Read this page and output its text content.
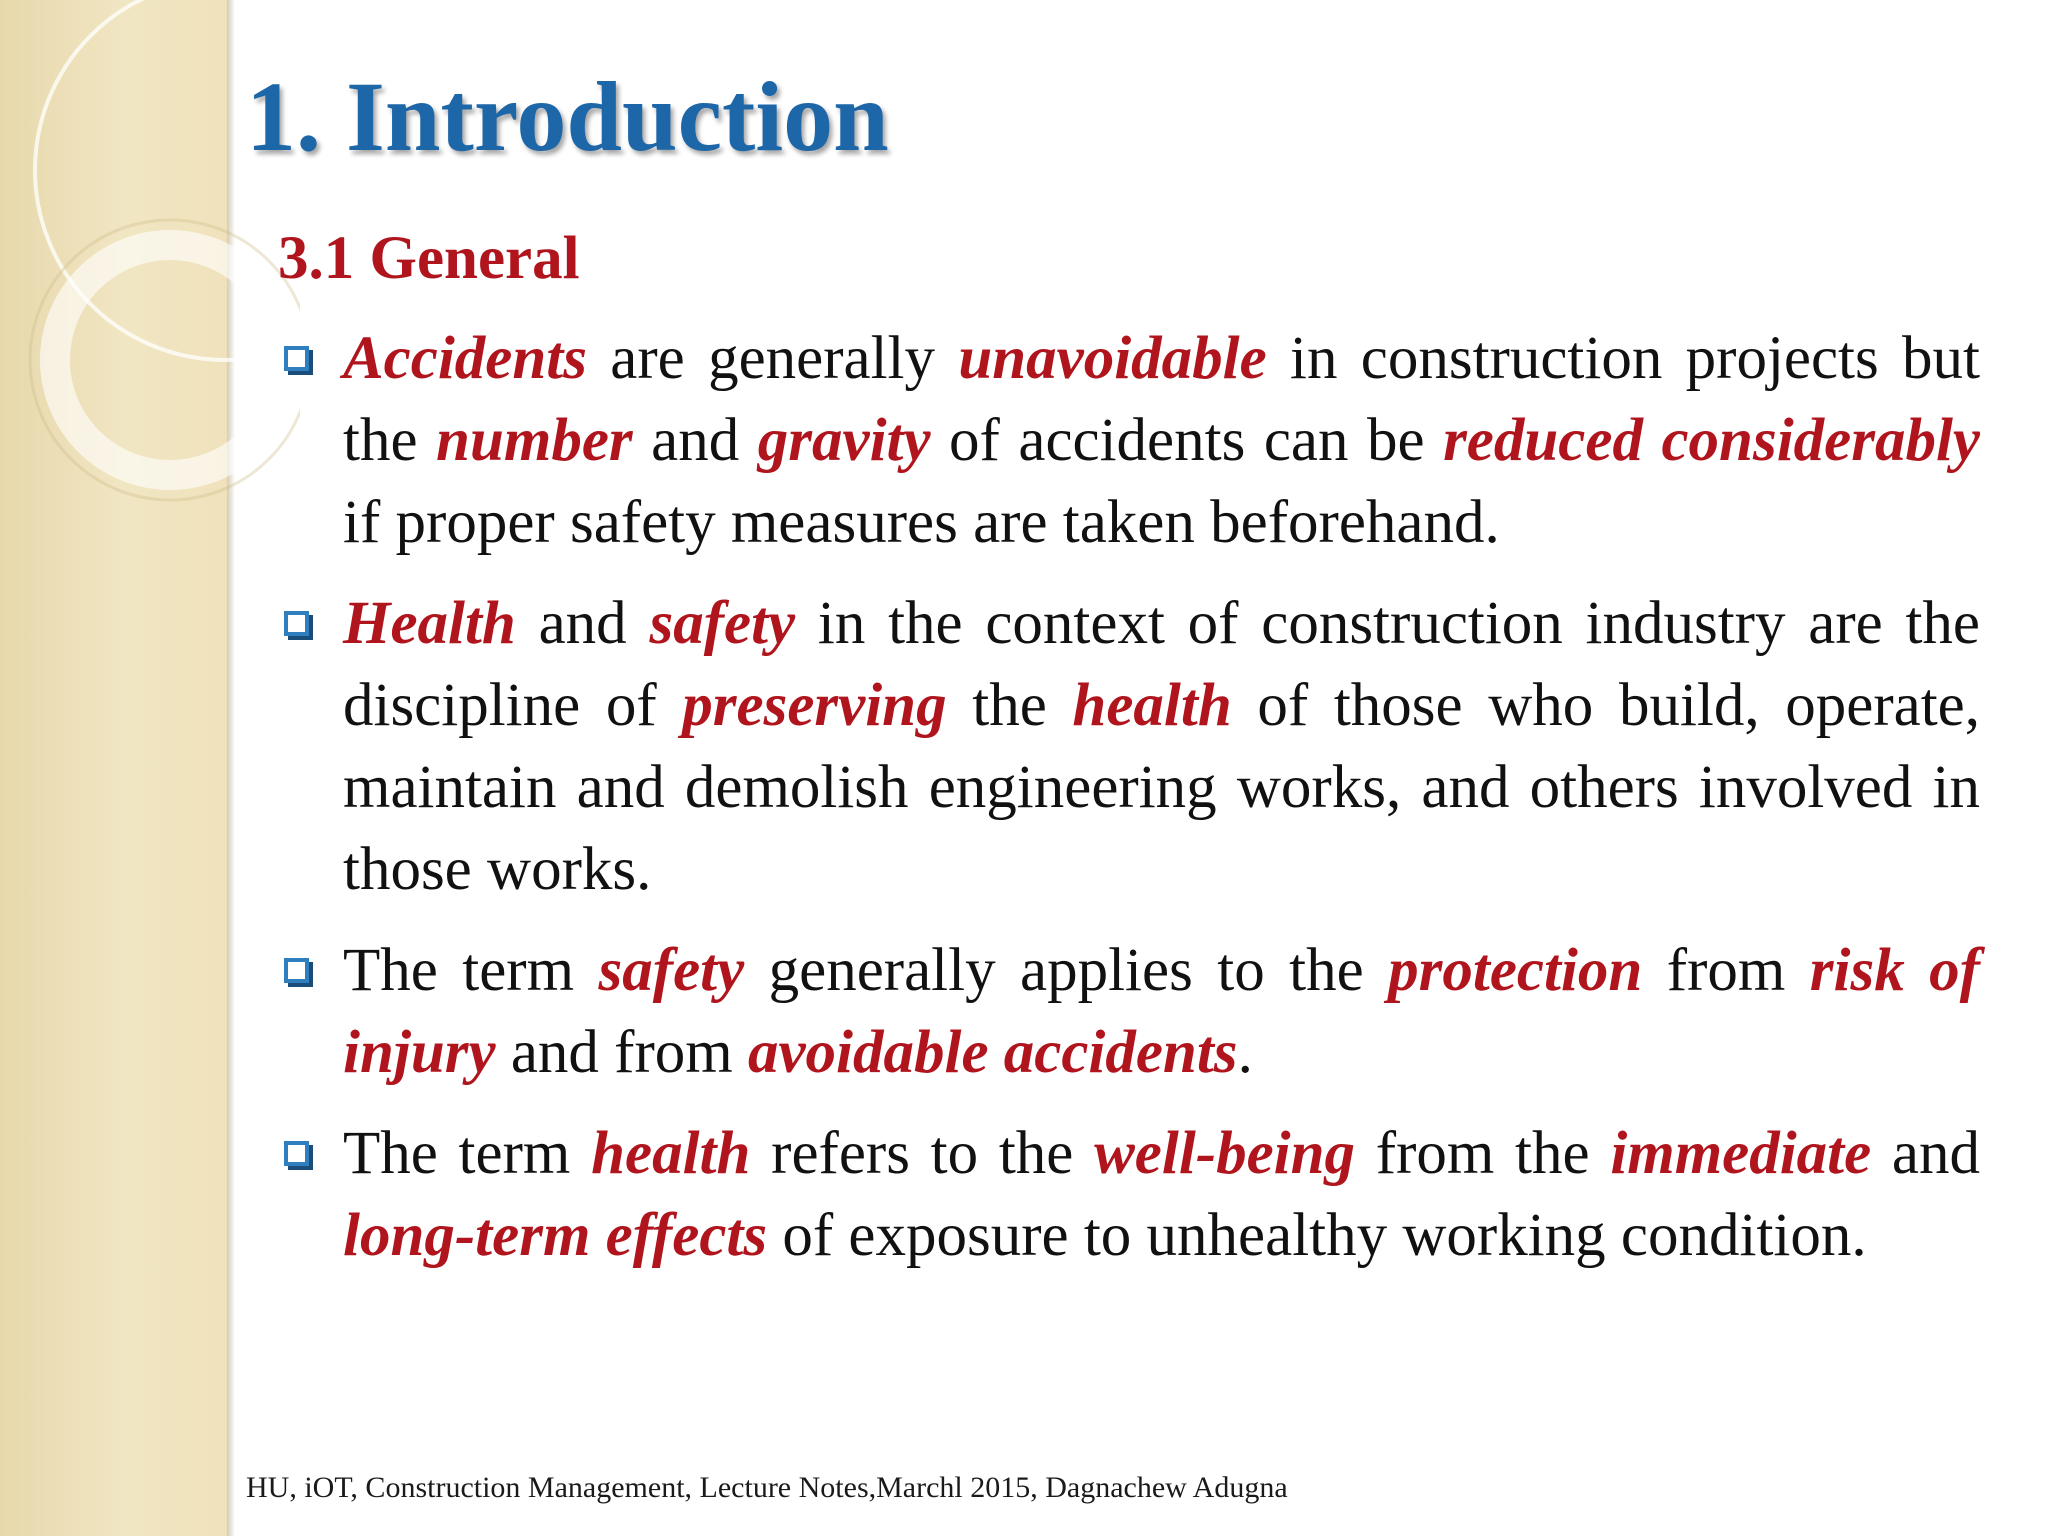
1. Introduction
3.1 General
Accidents are generally unavoidable in construction projects but the number and gravity of accidents can be reduced considerably if proper safety measures are taken beforehand.
Health and safety in the context of construction industry are the discipline of preserving the health of those who build, operate, maintain and demolish engineering works, and others involved in those works.
The term safety generally applies to the protection from risk of injury and from avoidable accidents.
The term health refers to the well-being from the immediate and long-term effects of exposure to unhealthy working condition.

HU, iOT, Construction Management, Lecture Notes,Marchl 2015, Dagnachew Adugna
